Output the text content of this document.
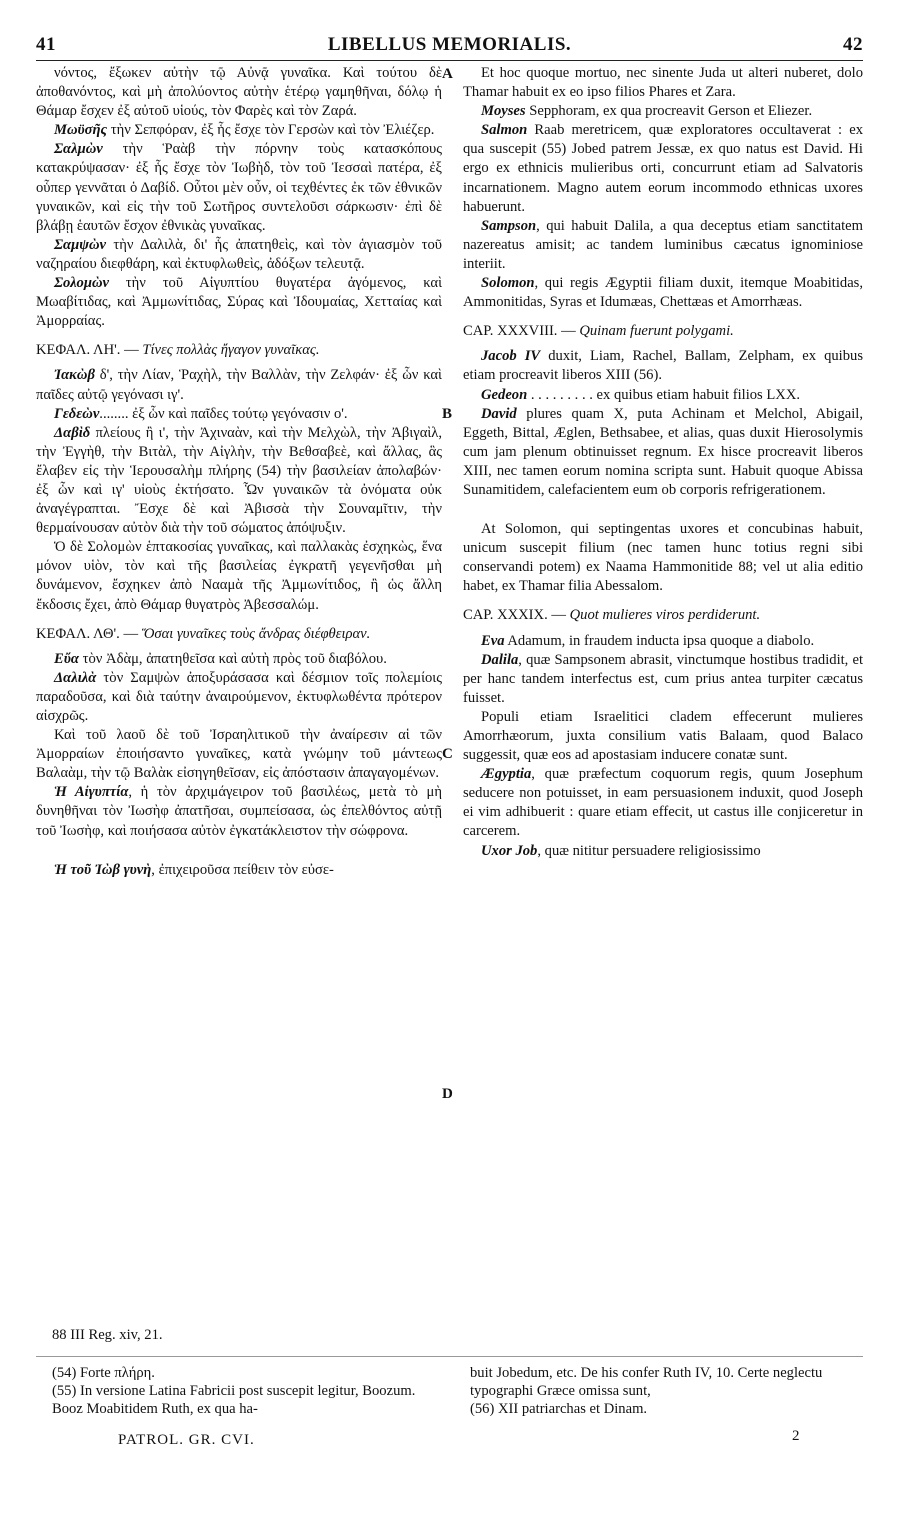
41	LIBELLUS MEMORIALIS.	42

νόντος, ἔξωκεν αὐτὴν τῷ Αὐνᾷ γυναῖκα. Καὶ τούτου δὲ ἀποθανόντος, καὶ μὴ ἀπολύοντος αὐτὴν ἑτέρῳ γαμηθῆναι, δόλῳ ἡ Θάμαρ ἔσχεν ἐξ αὐτοῦ υἱούς, τὸν Φαρὲς καὶ τὸν Ζαρά.

Μωϋσῆς τὴν Σεπφόραν, ἐξ ἧς ἔσχε τὸν Γερσὼν καὶ τὸν Ἐλιέζερ.

Σαλμὼν τὴν Ῥαὰβ τὴν πόρνην τοὺς κατασκόπους κατακρύψασαν· ἐξ ἧς ἔσχε τὸν Ἰωβὴδ, τὸν τοῦ Ἰεσσαὶ πατέρα, ἐξ οὗπερ γεννᾶται ὁ Δαβίδ. Οὗτοι μὲν οὖν, οἱ τεχθέντες ἐκ τῶν ἐθνικῶν γυναικῶν, καὶ εἰς τὴν τοῦ Σωτῆρος συντελοῦσι σάρκωσιν· ἐπὶ δὲ βλάβῃ ἑαυτῶν ἔσχον ἐθνικὰς γυναῖκας.

Σαμψὼν τὴν Δαλιλὰ, δι' ἧς ἀπατηθεὶς, καὶ τὸν ἁγιασμὸν τοῦ ναζηραίου διεφθάρη, καὶ ἐκτυφλωθεὶς, ἀδόξων τελευτᾷ.

Σολομὼν τὴν τοῦ Αἰγυπτίου θυγατέρα ἀγόμενος, καὶ Μωαβίτιδας, καὶ Ἀμμωνίτιδας, Σύρας καὶ Ἰδουμαίας, Χετταίας καὶ Ἀμορραίας.

ΚΕΦΑΛ. ΛΗ'. — Τίνες πολλὰς ἤγαγον γυναῖκας.

Ἰακὼβ δ', τὴν Λίαν, Ῥαχὴλ, τὴν Βαλλὰν, τὴν Ζελφάν· ἐξ ὧν καὶ παῖδες αὐτῷ γεγόνασι ιγ'.

Γεδεὼν........ ἐξ ὧν καὶ παῖδες τούτῳ γεγόνασιν ο'.

Δαβὶδ πλείους ἢ ι', τὴν Ἀχιναὰν, καὶ τὴν Μελχὼλ, τὴν Ἀβιγαὶλ, τὴν Ἐγγὴθ, τὴν Βιτὰλ, τὴν Αἰγλὴν, τὴν Βεθσαβεὲ, καὶ ἄλλας, ἃς ἔλαβεν εἰς τὴν Ἱερουσαλὴμ πλήρης (54) τὴν βασιλείαν ἀπολαβών· ἐξ ὧν καὶ ιγ' υἱοὺς ἐκτήσατο. Ὧν γυναικῶν τὰ ὀνόματα οὐκ ἀναγέγραπται. Ἔσχε δὲ καὶ Ἀβισσὰ τὴν Σουναμῖτιν, τὴν θερμαίνουσαν αὐτὸν διὰ τὴν τοῦ σώματος ἀπόψυξιν.

Ὁ δὲ Σολομὼν ἑπτακοσίας γυναῖκας, καὶ παλλακὰς ἐσχηκὼς, ἕνα μόνον υἱὸν, τὸν καὶ τῆς βασιλείας ἐγκρατῆ γεγενῆσθαι μὴ δυνάμενον, ἔσχηκεν ἀπὸ Νααμὰ τῆς Ἀμμωνίτιδος, ἢ ὡς ἄλλη ἔκδοσις ἔχει, ἀπὸ Θάμαρ θυγατρὸς Ἀβεσσαλώμ.

ΚΕΦΑΛ. ΛΘ'. — Ὅσαι γυναῖκες τοὺς ἄνδρας διέφθειραν.

Εὔα τὸν Ἀδὰμ, ἀπατηθεῖσα καὶ αὐτὴ πρὸς τοῦ διαβόλου.

Δαλιλὰ τὸν Σαμψὼν ἀποξυράσασα καὶ δέσμιον τοῖς πολεμίοις παραδοῦσα, καὶ διὰ ταύτην ἀναιρούμενον, ἐκτυφλωθέντα πρότερον αἰσχρῶς.

Καὶ τοῦ λαοῦ δὲ τοῦ Ἰσραηλιτικοῦ τὴν ἀναίρεσιν αἱ τῶν Ἀμορραίων ἐποιήσαντο γυναῖκες, κατὰ γνώμην τοῦ μάντεως Βαλαὰμ, τὴν τῷ Βαλὰκ εἰσηγηθεῖσαν, εἰς ἀπόστασιν ἀπαγαγομένων.

Ἡ Αἰγυπτία, ἡ τὸν ἀρχιμάγειρον τοῦ βασιλέως, μετὰ τὸ μὴ δυνηθῆναι τὸν Ἰωσὴφ ἀπατῆσαι, συμπείσασα, ὡς ἐπελθόντος αὐτῇ τοῦ Ἰωσὴφ, καὶ ποιήσασα αὐτὸν ἐγκατάκλειστον τὴν σώφρονα.

Ἡ τοῦ Ἰὼβ γυνὴ, ἐπιχειροῦσα πείθειν τὸν εὐσε-

Et hoc quoque mortuo, nec sinente Juda ut alteri nuberet, dolo Thamar habuit ex eo ipso filios Phares et Zara.

Moyses Sepphoram, ex qua procreavit Gerson et Eliezer.

Salmon Raab meretricem, quæ exploratores occultaverat : ex qua suscepit (55) Jobed patrem Jessæ, ex quo natus est David. Hi ergo ex ethnicis mulieribus orti, concurrunt etiam ad Salvatoris incarnationem. Magno autem eorum incommodo ethnicas uxores habuerunt.

Sampson, qui habuit Dalila, a qua deceptus etiam sanctitatem nazereatus amisit; ac tandem luminibus cæcatus ignominiose interiit.

Solomon, qui regis Ægyptii filiam duxit, itemque Moabitidas, Ammonitidas, Syras et Idumæas, Chettæas et Amorrhæas.

CAP. XXXVIII. — Quinam fuerunt polygami.

Jacob IV duxit, Liam, Rachel, Ballam, Zelpham, ex quibus etiam procreavit liberos XIII (56).

Gedeon . . . . . . . . . ex quibus etiam habuit filios LXX.

David plures quam X, puta Achinam et Melchol, Abigail, Eggeth, Bittal, Æglen, Bethsabee, et alias, quas duxit Hierosolymis cum jam plenum obtinuisset regnum. Ex hisce procreavit liberos XIII, nec tamen eorum nomina scripta sunt. Habuit quoque Abissa Sunamitidem, calefacientem eum ob corporis refrigerationem.

At Solomon, qui septingentas uxores et concubinas habuit, unicum suscepit filium (nec tamen hunc totius regni sibi conservandi potem) ex Naama Hammonitide 88; vel ut alia editio habet, ex Thamar filia Abessalom.

CAP. XXXIX. — Quot mulieres viros perdiderunt.

Eva Adamum, in fraudem inducta ipsa quoque a diabolo.

Dalila, quæ Sampsonem abrasit, vinctumque hostibus tradidit, et per hanc tandem interfectus est, cum prius antea turpiter cæcatus fuisset.

Populi etiam Israelitici cladem effecerunt mulieres Amorrhæorum, juxta consilium vatis Balaam, quod Balaco suggessit, quæ eos ad apostasiam inducere conatæ sunt.

Ægyptia, quæ præfectum coquorum regis, quum Josephum seducere non potuisset, in eam persuasionem induxit, quod Joseph ei vim adhibuerit : quare etiam effecit, ut castus ille conjiceretur in carcerem.

Uxor Job, quæ nititur persuadere religiosissimo

A
B
C
D
88 III Reg. xiv, 21.
(54) Forte πλήρη.
(55) In versione Latina Fabricii post suscepit legitur, Boozum. Booz Moabitidem Ruth, ex qua ha-
buit Jobedum, etc. De his confer Ruth IV, 10. Certe neglectu typographi Græce omissa sunt,
(56) XII patriarchas et Dinam.
PATROL. GR. CVI.	2
